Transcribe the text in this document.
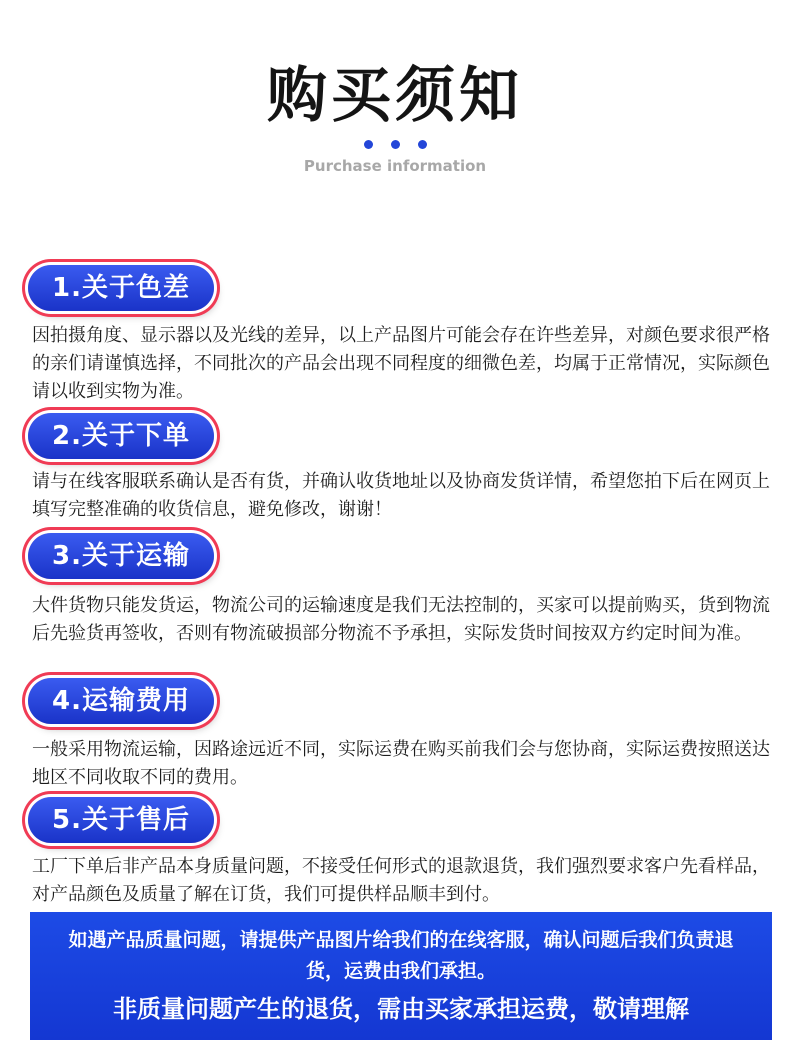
购买须知
Purchase information
1.关于色差
因拍摄角度、显示器以及光线的差异，以上产品图片可能会存在许些差异，对颜色要求很严格的亲们请谨慎选择，不同批次的产品会出现不同程度的细微色差，均属于正常情况，实际颜色请以收到实物为准。
2.关于下单
请与在线客服联系确认是否有货，并确认收货地址以及协商发货详情，希望您拍下后在网页上填写完整准确的收货信息，避免修改，谢谢！
3.关于运输
大件货物只能发货运，物流公司的运输速度是我们无法控制的，买家可以提前购买，货到物流后先验货再签收，否则有物流破损部分物流不予承担，实际发货时间按双方约定时间为准。
4.运输费用
一般采用物流运输，因路途远近不同，实际运费在购买前我们会与您协商，实际运费按照送达地区不同收取不同的费用。
5.关于售后
工厂下单后非产品本身质量问题，不接受任何形式的退款退货，我们强烈要求客户先看样品，对产品颜色及质量了解在订货，我们可提供样品顺丰到付。
如遇产品质量问题，请提供产品图片给我们的在线客服，确认问题后我们负责退货，运费由我们承担。
非质量问题产生的退货，需由买家承担运费，敬请理解
